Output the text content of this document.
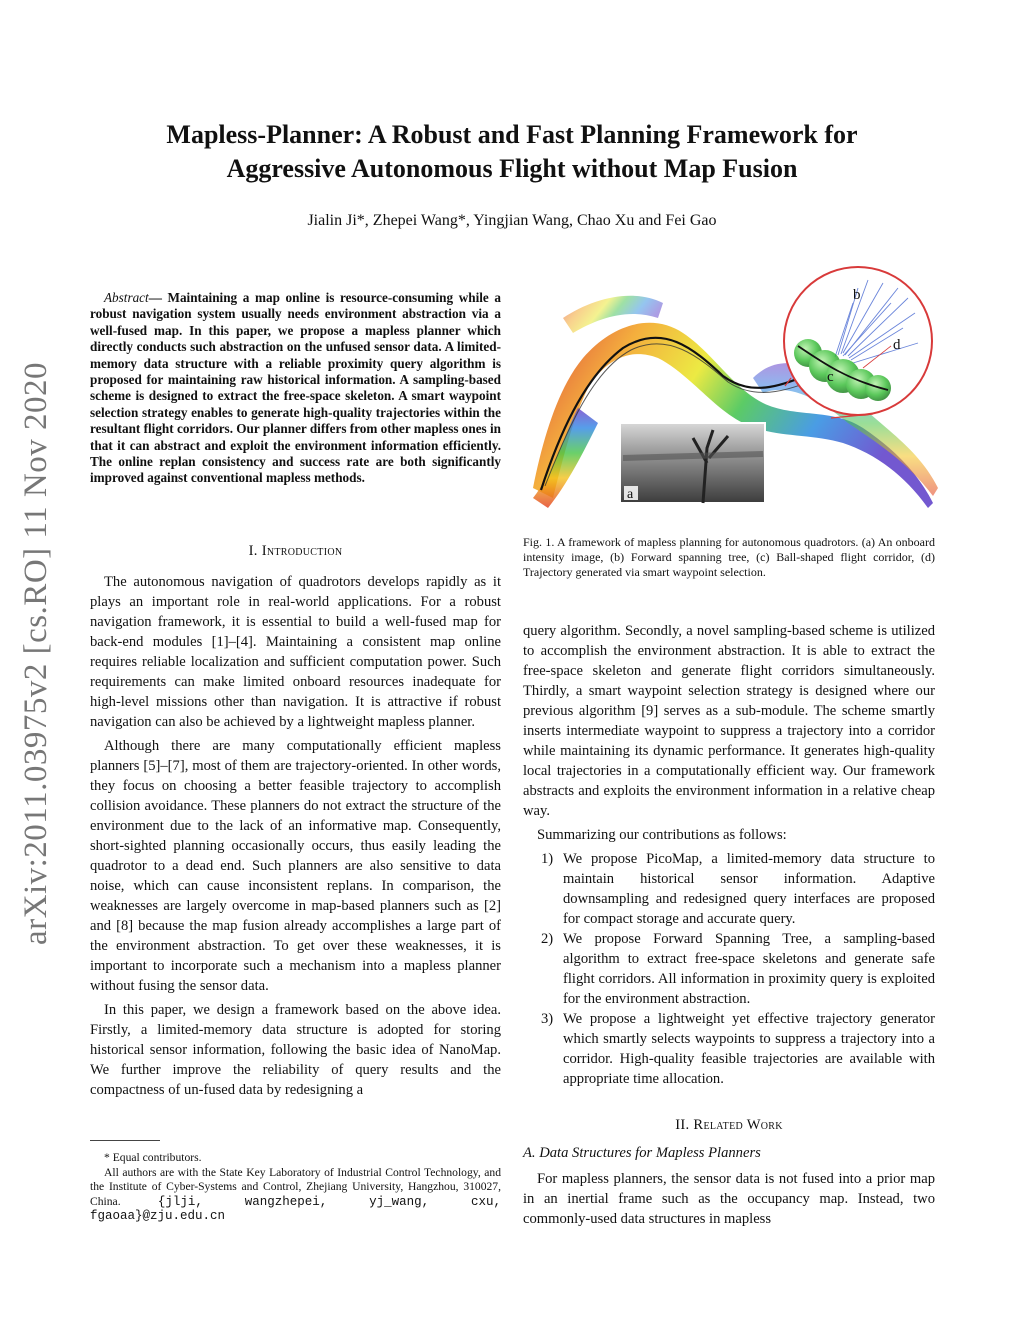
Mapless-Planner: A Robust and Fast Planning Framework for
Aggressive Autonomous Flight without Map Fusion
Jialin Ji*, Zhepei Wang*, Yingjian Wang, Chao Xu and Fei Gao
arXiv:2011.03975v2 [cs.RO] 11 Nov 2020
Abstract— Maintaining a map online is resource-consuming while a robust navigation system usually needs environment abstraction via a well-fused map. In this paper, we propose a mapless planner which directly conducts such abstraction on the unfused sensor data. A limited-memory data structure with a reliable proximity query algorithm is proposed for maintaining raw historical information. A sampling-based scheme is designed to extract the free-space skeleton. A smart waypoint selection strategy enables to generate high-quality trajectories within the resultant flight corridors. Our planner differs from other mapless ones in that it can abstract and exploit the environment information efficiently. The online replan consistency and success rate are both significantly improved against conventional mapless methods.
I. Introduction

The autonomous navigation of quadrotors develops rapidly as it plays an important role in real-world applications. For a robust navigation framework, it is essential to build a well-fused map for back-end modules [1]–[4]. Maintaining a consistent map online requires reliable localization and sufficient computation power. Such requirements can make limited onboard resources inadequate for high-level missions other than navigation. It is attractive if robust navigation can also be achieved by a lightweight mapless planner.

Although there are many computationally efficient mapless planners [5]–[7], most of them are trajectory-oriented. In other words, they focus on choosing a better feasible trajectory to accomplish collision avoidance. These planners do not extract the structure of the environment due to the lack of an informative map. Consequently, short-sighted planning occasionally occurs, thus easily leading the quadrotor to a dead end. Such planners are also sensitive to data noise, which can cause inconsistent replans. In comparison, the weaknesses are largely overcome in map-based planners such as [2] and [8] because the map fusion already accomplishes a large part of the environment abstraction. To get over these weaknesses, it is important to incorporate such a mechanism into a mapless planner without fusing the sensor data.

In this paper, we design a framework based on the above idea. Firstly, a limited-memory data structure is adopted for storing historical sensor information, following the basic idea of NanoMap. We further improve the reliability of query results and the compactness of un-fused data by redesigning a

* Equal contributors.
All authors are with the State Key Laboratory of Industrial Control Technology, and the Institute of Cyber-Systems and Control, Zhejiang University, Hangzhou, 310027, China.	{jlji, wangzhepei, yj_wang, cxu, fgaoaa}@zju.edu.cn
a
b
c
d
Fig. 1. A framework of mapless planning for autonomous quadrotors. (a) An onboard intensity image, (b) Forward spanning tree, (c) Ball-shaped flight corridor, (d) Trajectory generated via smart waypoint selection.

query algorithm. Secondly, a novel sampling-based scheme is utilized to accomplish the environment abstraction. It is able to extract the free-space skeleton and generate flight corridors simultaneously. Thirdly, a smart waypoint selection strategy is designed where our previous algorithm [9] serves as a sub-module. The scheme smartly inserts intermediate waypoint to suppress a trajectory into a corridor while maintaining its dynamic performance. It generates high-quality local trajectories in a computationally efficient way. Our framework abstracts and exploits the environment information in a relative cheap way.

Summarizing our contributions as follows:

1) We propose PicoMap, a limited-memory data structure to maintain historical sensor information. Adaptive downsampling and redesigned query interfaces are proposed for compact storage and accurate query.
2) We propose Forward Spanning Tree, a sampling-based algorithm to extract free-space skeletons and generate safe flight corridors. All information in proximity query is exploited for the environment abstraction.
3) We propose a lightweight yet effective trajectory generator which smartly selects waypoints to suppress a trajectory into a corridor. High-quality feasible trajectories are available with appropriate time allocation.
II. Related Work
A. Data Structures for Mapless Planners

For mapless planners, the sensor data is not fused into a prior map in an inertial frame such as the occupancy map. Instead, two commonly-used data structures in mapless
